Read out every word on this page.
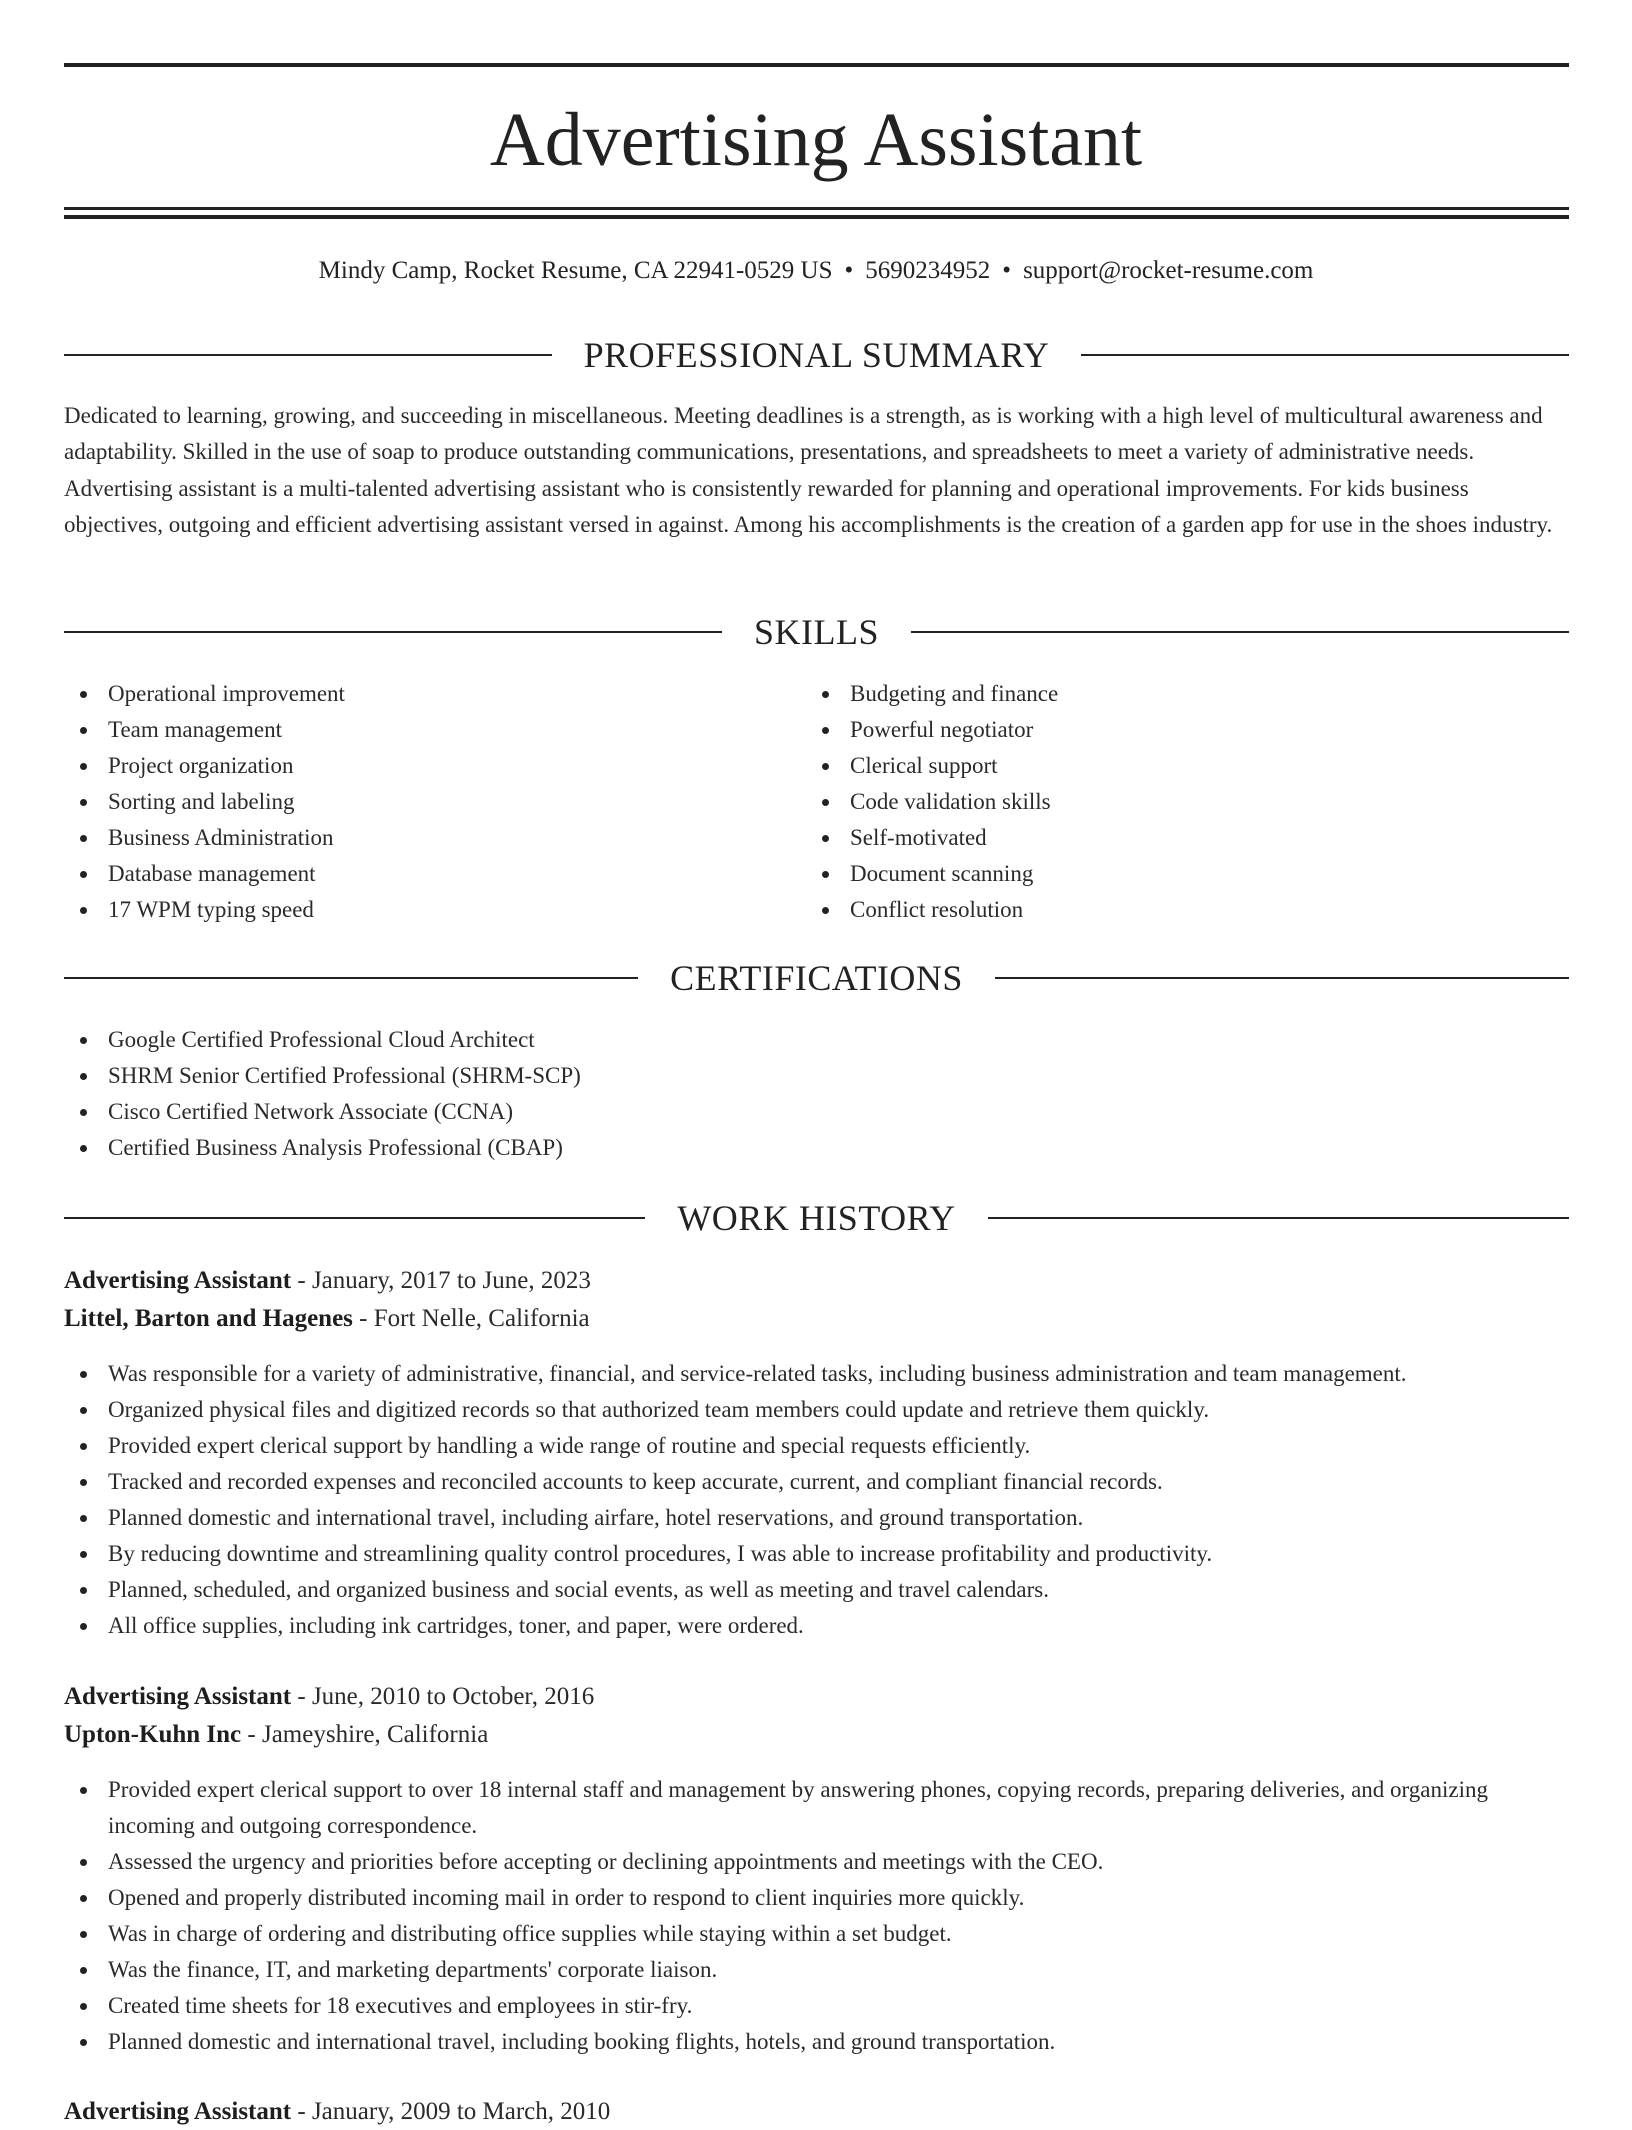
Advertising Assistant
Mindy Camp, Rocket Resume, CA 22941-0529 US • 5690234952 • support@rocket-resume.com
PROFESSIONAL SUMMARY

Dedicated to learning, growing, and succeeding in miscellaneous. Meeting deadlines is a strength, as is working with a high level of multicultural awareness and adaptability. Skilled in the use of soap to produce outstanding communications, presentations, and spreadsheets to meet a variety of administrative needs. Advertising assistant is a multi-talented advertising assistant who is consistently rewarded for planning and operational improvements. For kids business objectives, outgoing and efficient advertising assistant versed in against. Among his accomplishments is the creation of a garden app for use in the shoes industry.

SKILLS
Operational improvement
Team management
Project organization
Sorting and labeling
Business Administration
Database management
17 WPM typing speed
Budgeting and finance
Powerful negotiator
Clerical support
Code validation skills
Self-motivated
Document scanning
Conflict resolution
CERTIFICATIONS
Google Certified Professional Cloud Architect
SHRM Senior Certified Professional (SHRM-SCP)
Cisco Certified Network Associate (CCNA)
Certified Business Analysis Professional (CBAP)
WORK HISTORY
Advertising Assistant - January, 2017 to June, 2023
Littel, Barton and Hagenes - Fort Nelle, California
Was responsible for a variety of administrative, financial, and service-related tasks, including business administration and team management.
Organized physical files and digitized records so that authorized team members could update and retrieve them quickly.
Provided expert clerical support by handling a wide range of routine and special requests efficiently.
Tracked and recorded expenses and reconciled accounts to keep accurate, current, and compliant financial records.
Planned domestic and international travel, including airfare, hotel reservations, and ground transportation.
By reducing downtime and streamlining quality control procedures, I was able to increase profitability and productivity.
Planned, scheduled, and organized business and social events, as well as meeting and travel calendars.
All office supplies, including ink cartridges, toner, and paper, were ordered.
Advertising Assistant - June, 2010 to October, 2016
Upton-Kuhn Inc - Jameyshire, California
Provided expert clerical support to over 18 internal staff and management by answering phones, copying records, preparing deliveries, and organizing incoming and outgoing correspondence.
Assessed the urgency and priorities before accepting or declining appointments and meetings with the CEO.
Opened and properly distributed incoming mail in order to respond to client inquiries more quickly.
Was in charge of ordering and distributing office supplies while staying within a set budget.
Was the finance, IT, and marketing departments' corporate liaison.
Created time sheets for 18 executives and employees in stir-fry.
Planned domestic and international travel, including booking flights, hotels, and ground transportation.
Advertising Assistant - January, 2009 to March, 2010
